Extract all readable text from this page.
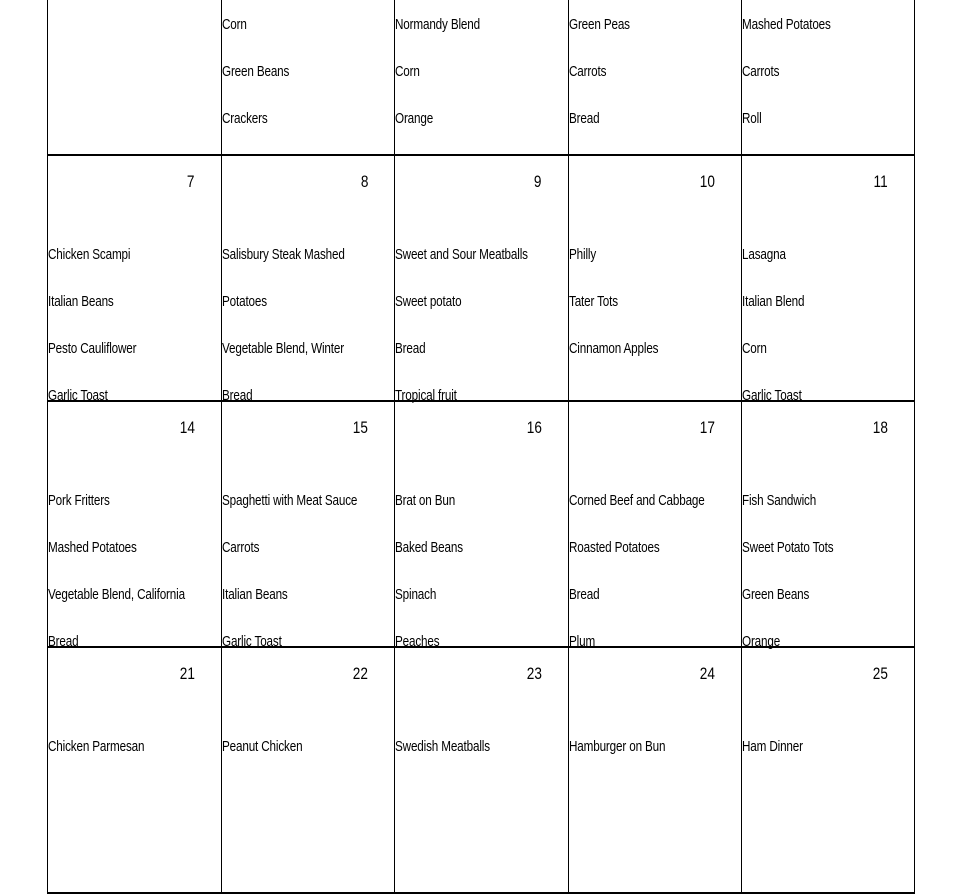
Corn
Green Beans
Crackers
Normandy Blend
Corn
Orange
Green Peas
Carrots
Bread
Mashed Potatoes
Carrots
Roll
7
Chicken Scampi
Italian Beans
Pesto Cauliflower
Garlic Toast
8
Salisbury Steak Mashed
Potatoes
Vegetable Blend, Winter
Bread
9
Sweet and Sour Meatballs
Sweet potato
Bread
Tropical fruit
10
Philly
Tater Tots
Cinnamon Apples
11
Lasagna
Italian Blend
Corn
Garlic Toast
14
Pork Fritters
Mashed Potatoes
Vegetable Blend, California
Bread
15
Spaghetti with Meat Sauce
Carrots
Italian Beans
Garlic Toast
16
Brat on Bun
Baked Beans
Spinach
Peaches
17
Corned Beef and Cabbage
Roasted Potatoes
Bread
Plum
18
Fish Sandwich
Sweet Potato Tots
Green Beans
Orange
21
Chicken Parmesan
22
Peanut Chicken
23
Swedish Meatballs
24
Hamburger on Bun
25
Ham Dinner
